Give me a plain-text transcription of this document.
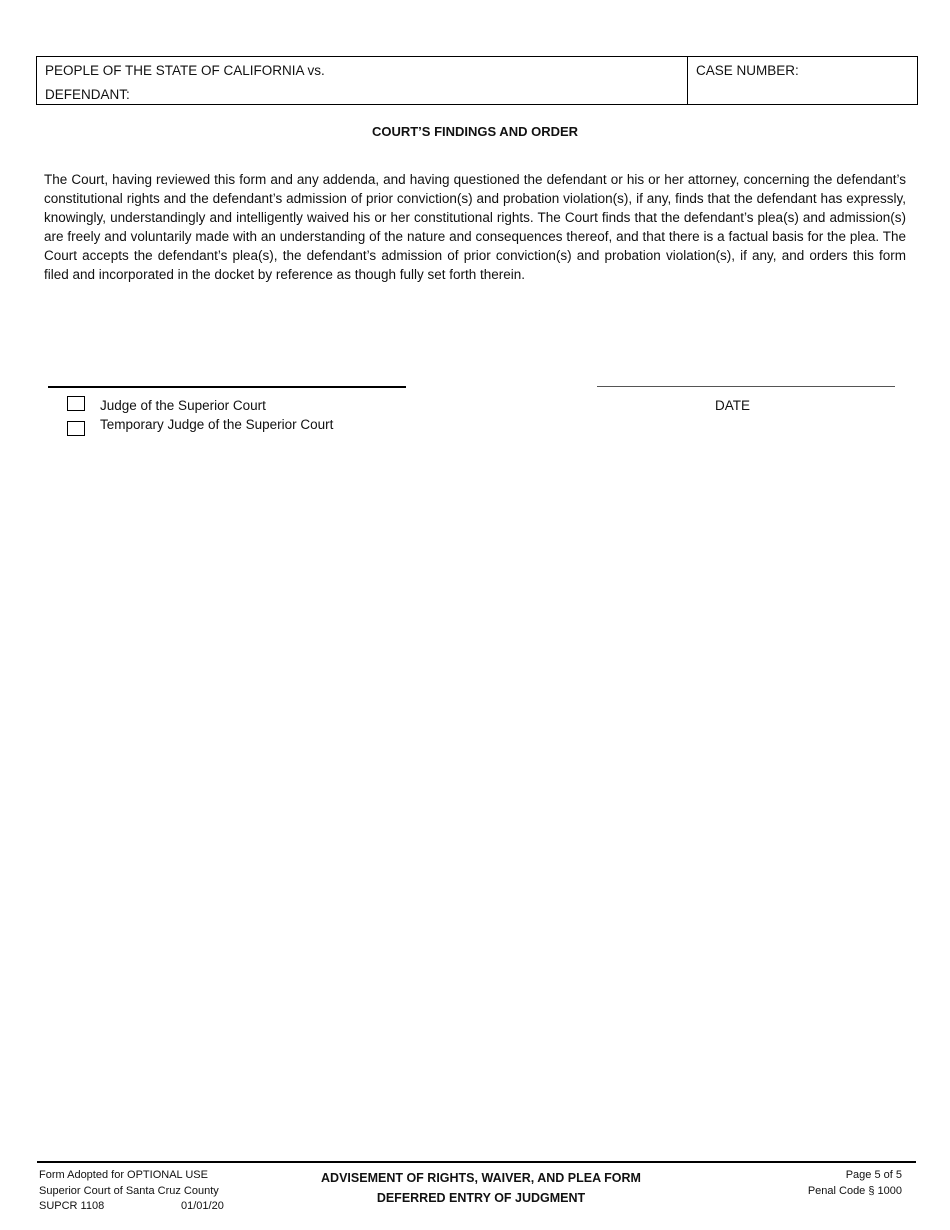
PEOPLE OF THE STATE OF CALIFORNIA vs.
DEFENDANT:
CASE NUMBER:
COURT’S FINDINGS AND ORDER
The Court, having reviewed this form and any addenda, and having questioned the defendant or his or her attorney, concerning the defendant’s constitutional rights and the defendant’s admission of prior conviction(s) and probation violation(s), if any, finds that the defendant has expressly, knowingly, understandingly and intelligently waived his or her constitutional rights. The Court finds that the defendant’s plea(s) and admission(s) are freely and voluntarily made with an understanding of the nature and consequences thereof, and that there is a factual basis for the plea. The Court accepts the defendant’s plea(s), the defendant’s admission of prior conviction(s) and probation violation(s), if any, and orders this form filed and incorporated in the docket by reference as though fully set forth therein.
DATE
Judge of the Superior Court
Temporary Judge of the Superior Court
Form Adopted for OPTIONAL USE
Superior Court of Santa Cruz County
SUPCR 1108	01/01/20
ADVISEMENT OF RIGHTS, WAIVER, AND PLEA FORM
DEFERRED ENTRY OF JUDGMENT
Page 5 of 5
Penal Code § 1000
